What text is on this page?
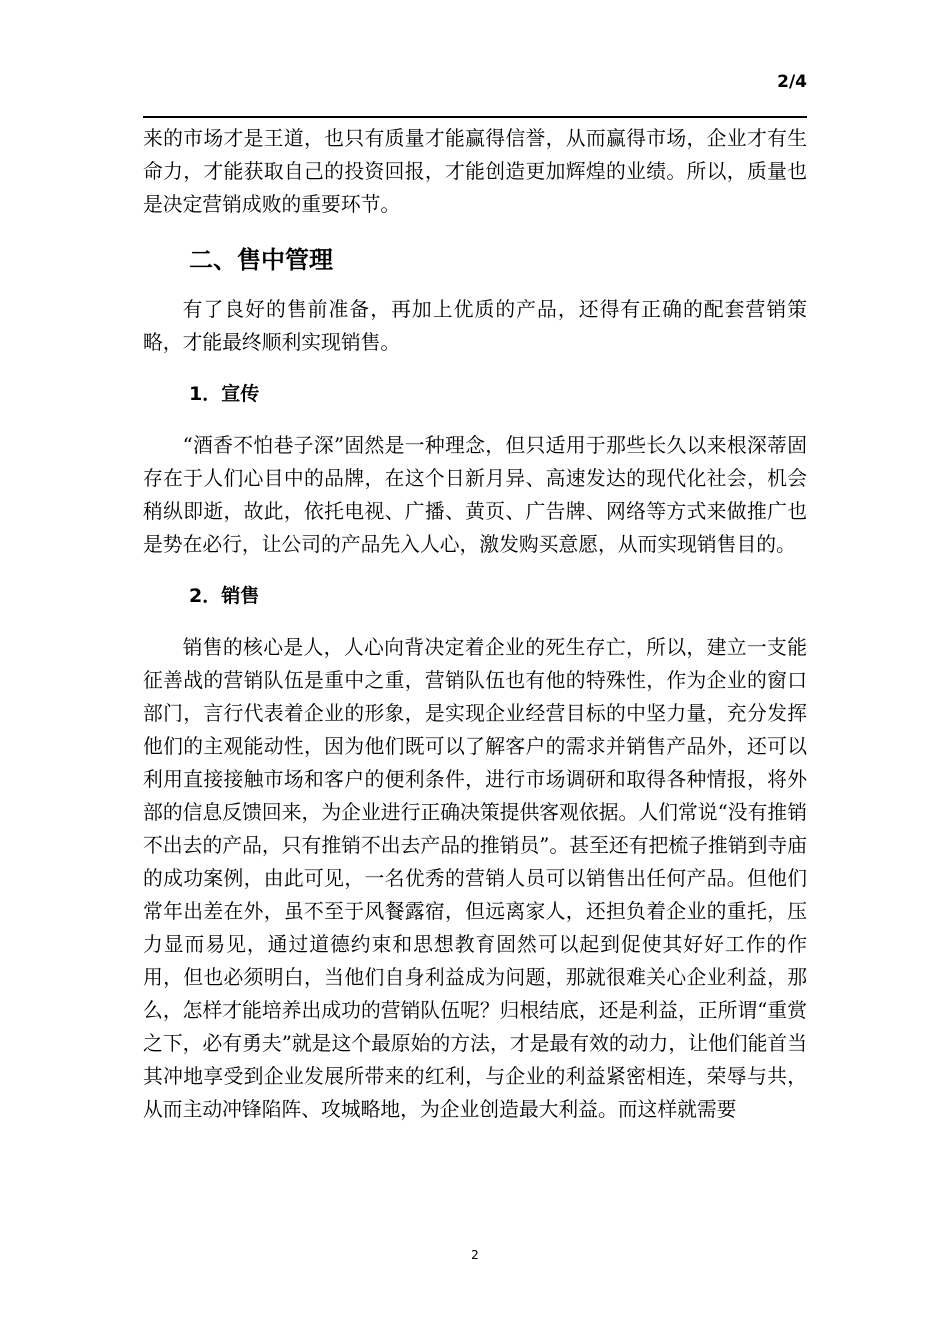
2/4

来的市场才是王道，也只有质量才能赢得信誉，从而赢得市场，企业才有生命力，才能获取自己的投资回报，才能创造更加辉煌的业绩。所以，质量也是决定营销成败的重要环节。

二、售中管理

有了良好的售前准备，再加上优质的产品，还得有正确的配套营销策略，才能最终顺利实现销售。

1．宣传

“酒香不怕巷子深”固然是一种理念，但只适用于那些长久以来根深蒂固存在于人们心目中的品牌，在这个日新月异、高速发达的现代化社会，机会稍纵即逝，故此，依托电视、广播、黄页、广告牌、网络等方式来做推广也是势在必行，让公司的产品先入人心，激发购买意愿，从而实现销售目的。

2．销售

销售的核心是人，人心向背决定着企业的死生存亡，所以，建立一支能征善战的营销队伍是重中之重，营销队伍也有他的特殊性，作为企业的窗口部门，言行代表着企业的形象，是实现企业经营目标的中坚力量，充分发挥他们的主观能动性，因为他们既可以了解客户的需求并销售产品外，还可以利用直接接触市场和客户的便利条件，进行市场调研和取得各种情报，将外部的信息反馈回来，为企业进行正确决策提供客观依据。人们常说“没有推销不出去的产品，只有推销不出去产品的推销员”。甚至还有把梳子推销到寺庙的成功案例，由此可见，一名优秀的营销人员可以销售出任何产品。但他们常年出差在外，虽不至于风餐露宿，但远离家人，还担负着企业的重托，压力显而易见，通过道德约束和思想教育固然可以起到促使其好好工作的作用，但也必须明白，当他们自身利益成为问题，那就很难关心企业利益，那么，怎样才能培养出成功的营销队伍呢？归根结底，还是利益，正所谓“重赏之下，必有勇夫”就是这个最原始的方法，才是最有效的动力，让他们能首当其冲地享受到企业发展所带来的红利，与企业的利益紧密相连，荣辱与共，从而主动冲锋陷阵、攻城略地，为企业创造最大利益。而这样就需要

2
